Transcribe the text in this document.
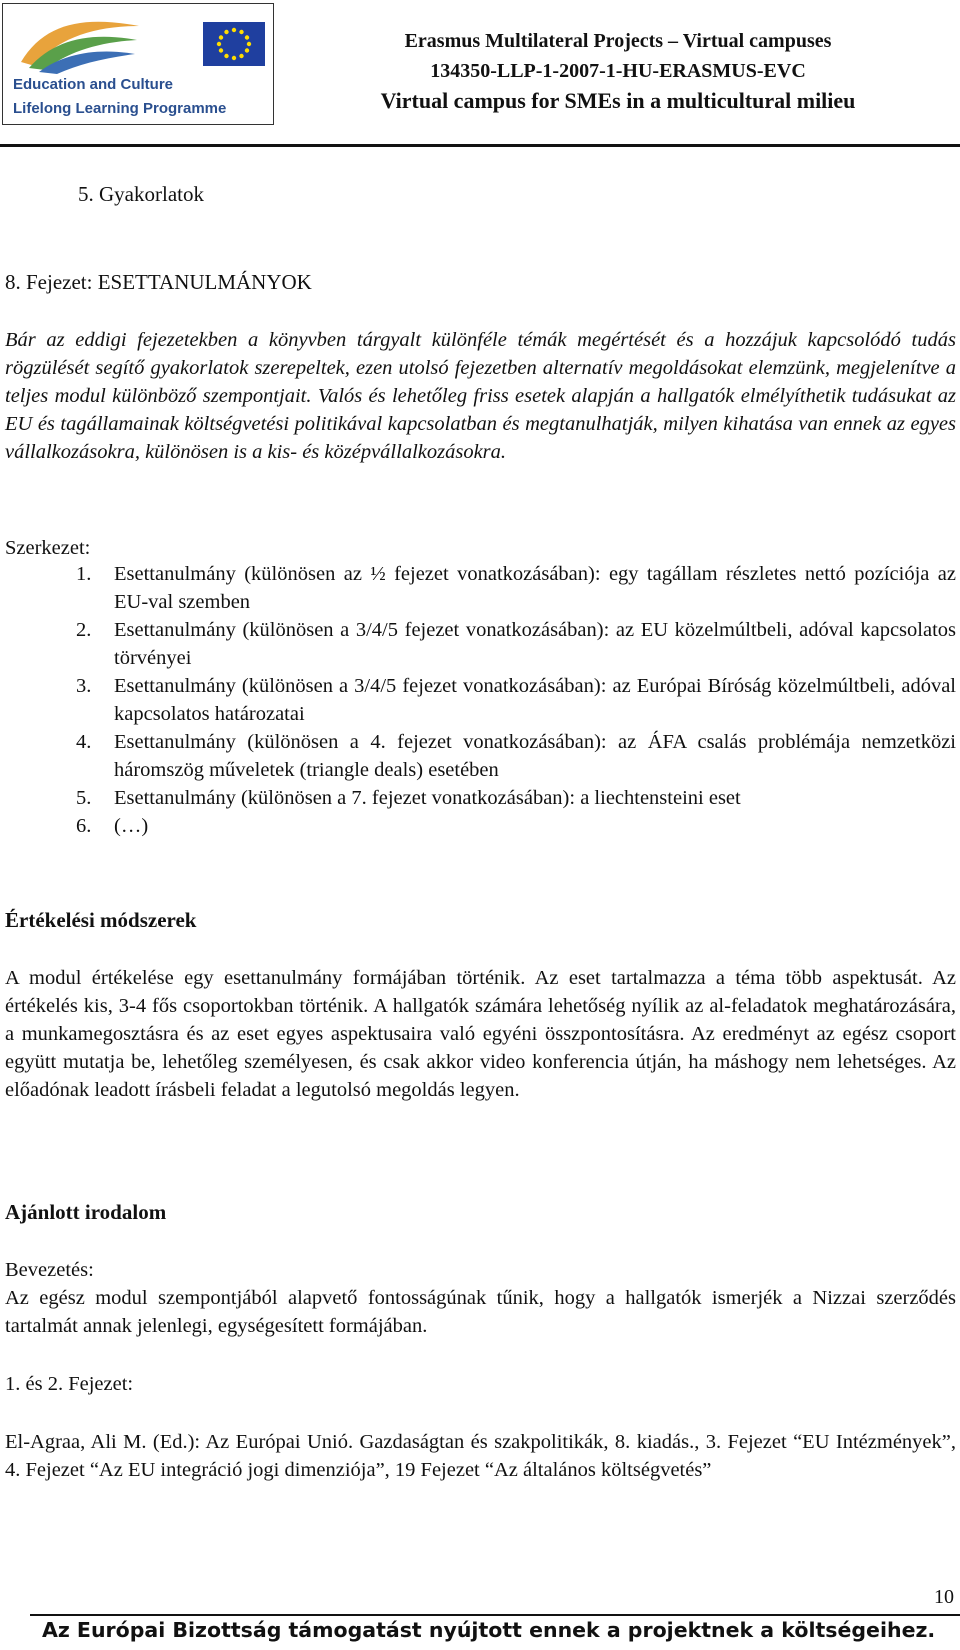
Education and Culture
Lifelong Learning Programme
Erasmus Multilateral Projects – Virtual campuses
134350-LLP-1-2007-1-HU-ERASMUS-EVC
Virtual campus for SMEs in a multicultural milieu
5. Gyakorlatok
8. Fejezet: ESETTANULMÁNYOK
Bár az eddigi fejezetekben a könyvben tárgyalt különféle témák megértését és a hozzájuk kapcsolódó tudás rögzülését segítő gyakorlatok szerepeltek, ezen utolsó fejezetben alternatív megoldásokat elemzünk, megjelenítve a teljes modul különböző szempontjait. Valós és lehetőleg friss esetek alapján a hallgatók elmélyíthetik tudásukat az EU és tagállamainak költségvetési politikával kapcsolatban és megtanulhatják, milyen kihatása van ennek az egyes vállalkozásokra, különösen is a kis- és középvállalkozásokra.
Szerkezet:
1.	Esettanulmány (különösen az ½ fejezet vonatkozásában): egy tagállam részletes nettó pozíciója az EU-val szemben
2.	Esettanulmány (különösen a 3/4/5 fejezet vonatkozásában): az EU közelmúltbeli, adóval kapcsolatos törvényei
3.	Esettanulmány (különösen a 3/4/5 fejezet vonatkozásában): az Európai Bíróság közelmúltbeli, adóval kapcsolatos határozatai
4.	Esettanulmány (különösen a 4. fejezet vonatkozásában): az ÁFA csalás problémája nemzetközi háromszög műveletek (triangle deals) esetében
5.	Esettanulmány (különösen a 7. fejezet vonatkozásában): a liechtensteini eset
6.	(…)
Értékelési módszerek
A modul értékelése egy esettanulmány formájában történik. Az eset tartalmazza a téma több aspektusát. Az értékelés kis, 3-4 fős csoportokban történik. A hallgatók számára lehetőség nyílik az al-feladatok meghatározására, a munkamegosztásra és az eset egyes aspektusaira való egyéni összpontosításra. Az eredményt az egész csoport együtt mutatja be, lehetőleg személyesen, és csak akkor video konferencia útján, ha máshogy nem lehetséges. Az előadónak leadott írásbeli feladat a legutolsó megoldás legyen.
Ajánlott irodalom
Bevezetés:
Az egész modul szempontjából alapvető fontosságúnak tűnik, hogy a hallgatók ismerjék a Nizzai szerződés tartalmát annak jelenlegi, egységesített formájában.
1. és 2. Fejezet:
El-Agraa, Ali M. (Ed.): Az Európai Unió. Gazdaságtan és szakpolitikák, 8. kiadás., 3. Fejezet “EU Intézmények”, 4. Fejezet “Az EU integráció jogi dimenziója”, 19 Fejezet “Az általános költségvetés”
10
Az Európai Bizottság támogatást nyújtott ennek a projektnek a költségeihez.
